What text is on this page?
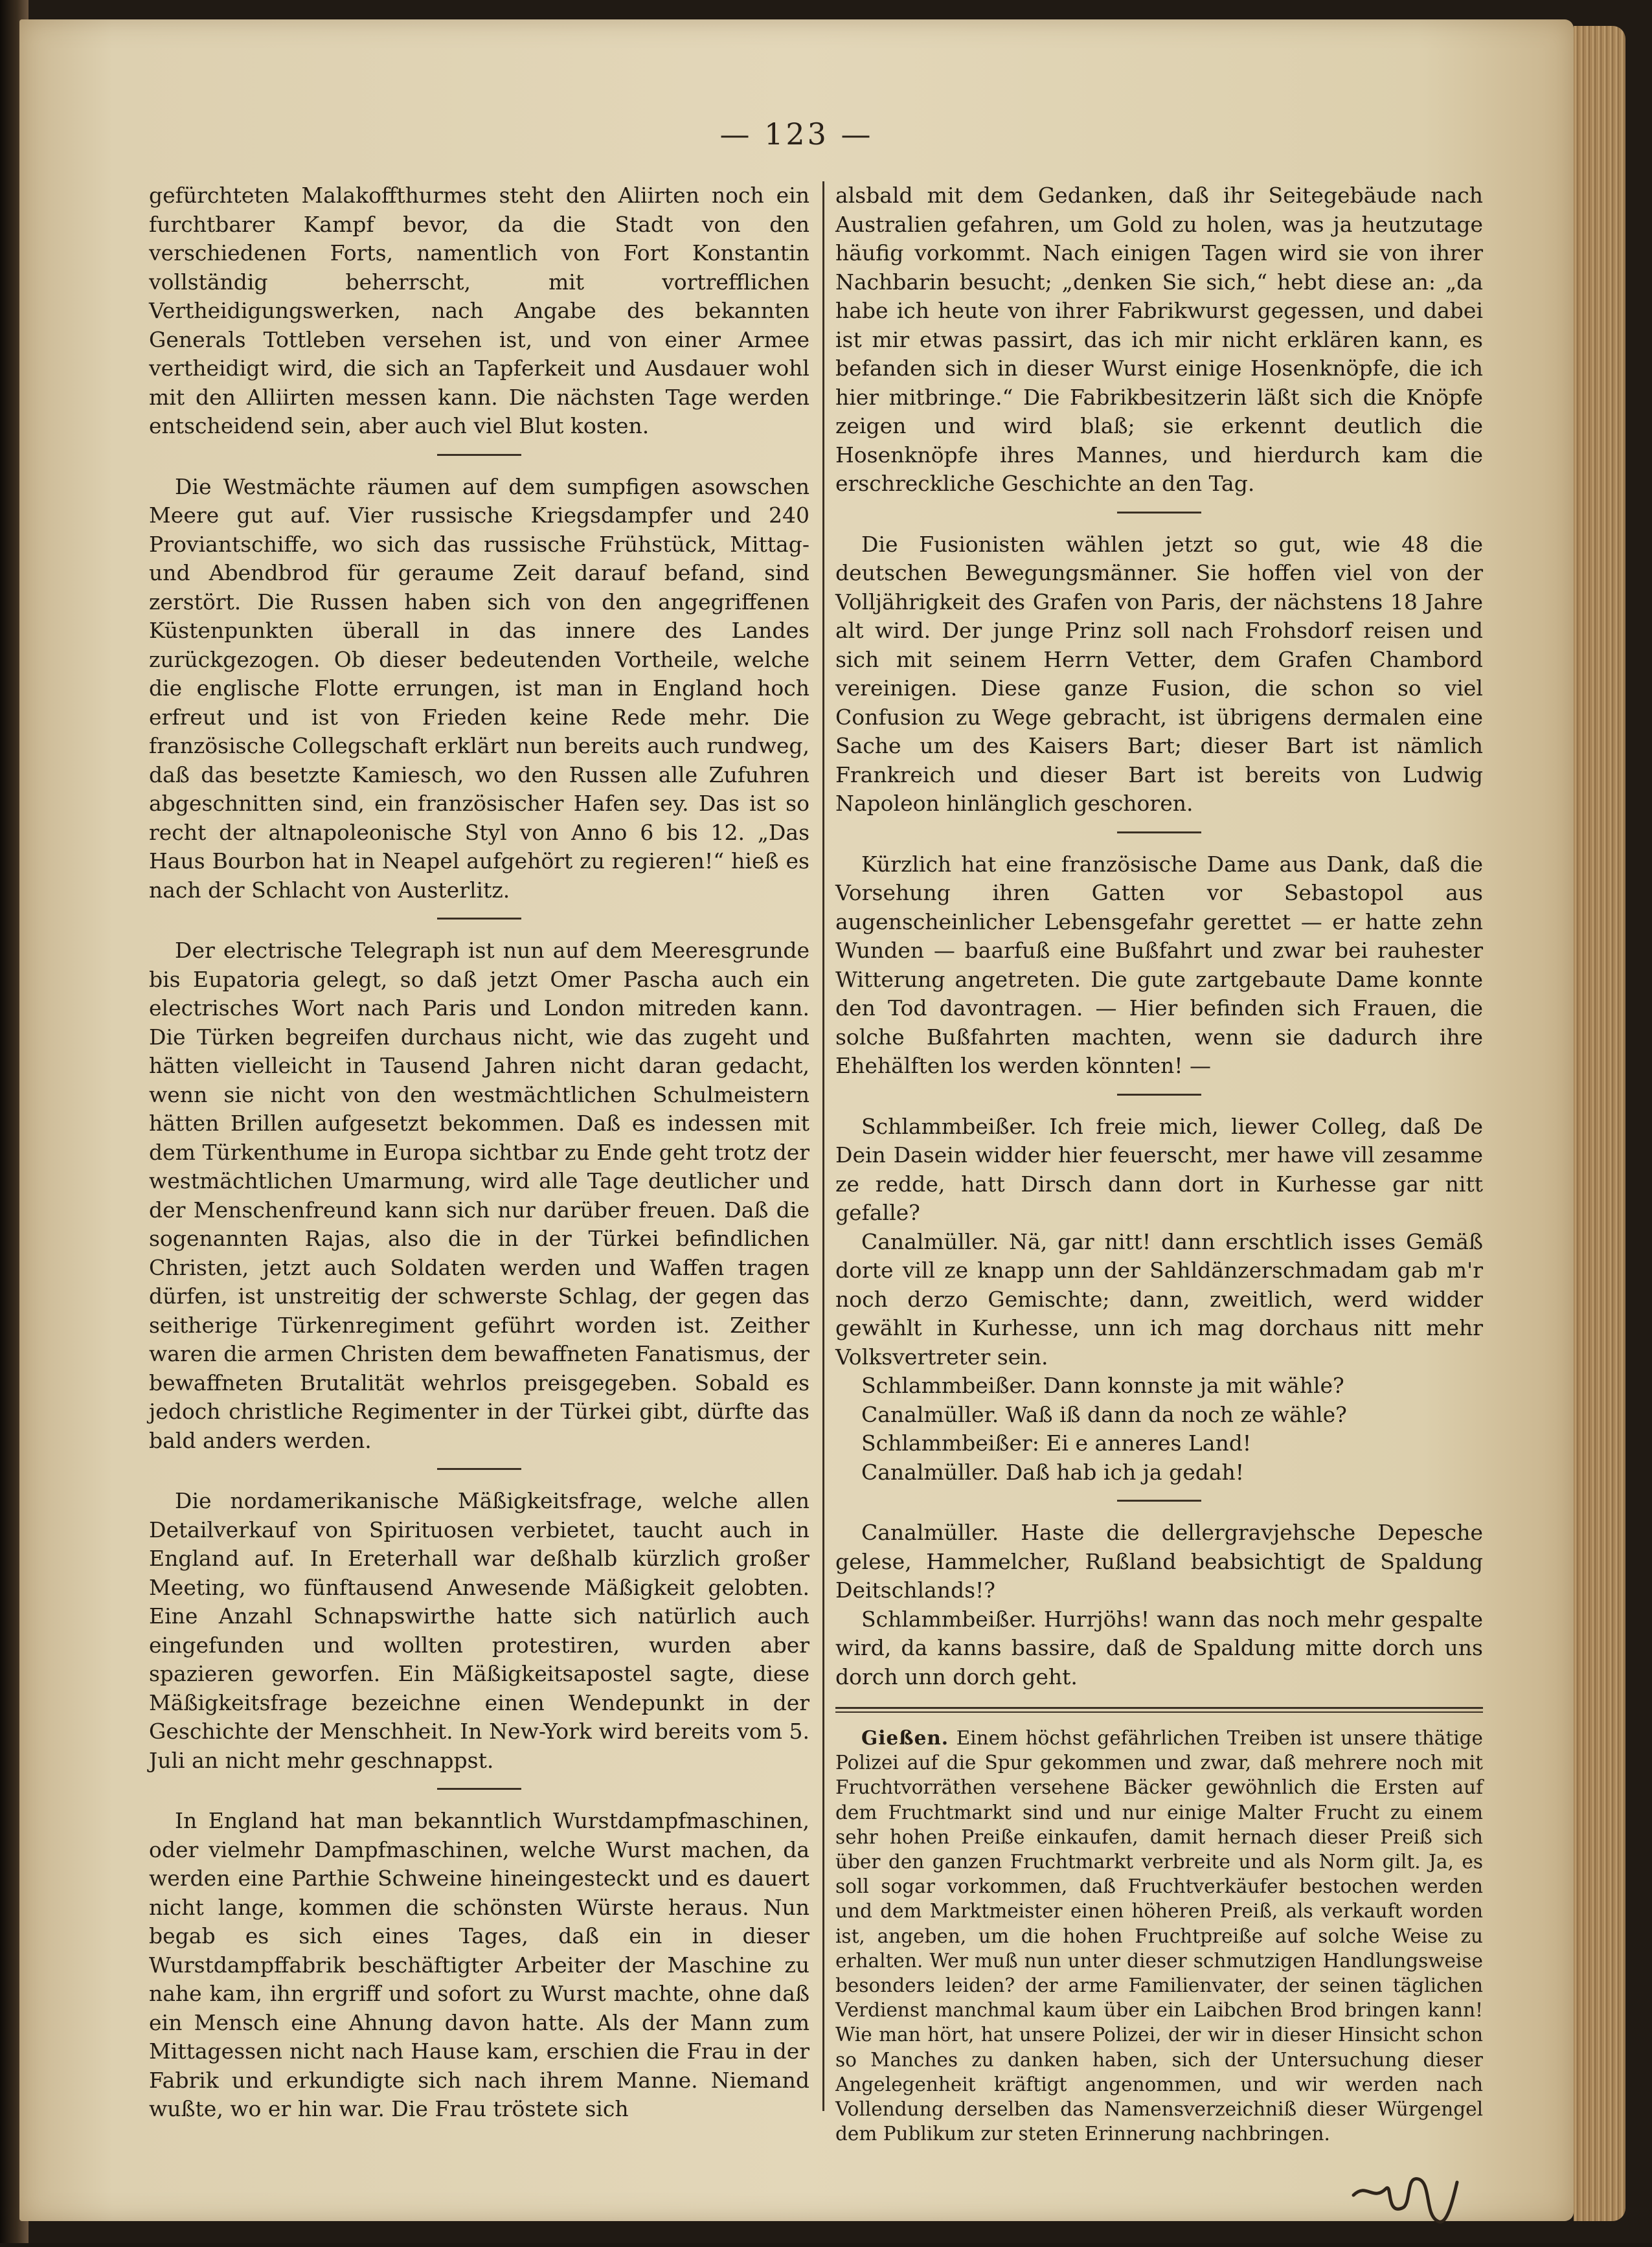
— 123 —

gefürchteten Malakoffthurmes steht den Aliirten noch ein furchtbarer Kampf bevor, da die Stadt von den verschiedenen Forts, namentlich von Fort Konstantin vollständig beherrscht, mit vortrefflichen Vertheidigungswerken, nach Angabe des bekannten Generals Tottleben versehen ist, und von einer Armee vertheidigt wird, die sich an Tapferkeit und Ausdauer wohl mit den Alliirten messen kann. Die nächsten Tage werden entscheidend sein, aber auch viel Blut kosten.

Die Westmächte räumen auf dem sumpfigen asowschen Meere gut auf. Vier russische Kriegsdampfer und 240 Proviantschiffe, wo sich das russische Frühstück, Mittag- und Abendbrod für geraume Zeit darauf befand, sind zerstört. Die Russen haben sich von den angegriffenen Küstenpunkten überall in das innere des Landes zurückgezogen. Ob dieser bedeutenden Vortheile, welche die englische Flotte errungen, ist man in England hoch erfreut und ist von Frieden keine Rede mehr. Die französische Collegschaft erklärt nun bereits auch rundweg, daß das besetzte Kamiesch, wo den Russen alle Zufuhren abgeschnitten sind, ein französischer Hafen sey. Das ist so recht der altnapoleonische Styl von Anno 6 bis 12. „Das Haus Bourbon hat in Neapel aufgehört zu regieren!“ hieß es nach der Schlacht von Austerlitz.

Der electrische Telegraph ist nun auf dem Meeresgrunde bis Eupatoria gelegt, so daß jetzt Omer Pascha auch ein electrisches Wort nach Paris und London mitreden kann. Die Türken begreifen durchaus nicht, wie das zugeht und hätten vielleicht in Tausend Jahren nicht daran gedacht, wenn sie nicht von den westmächtlichen Schulmeistern hätten Brillen aufgesetzt bekommen. Daß es indessen mit dem Türkenthume in Europa sichtbar zu Ende geht trotz der westmächtlichen Umarmung, wird alle Tage deutlicher und der Menschenfreund kann sich nur darüber freuen. Daß die sogenannten Rajas, also die in der Türkei befindlichen Christen, jetzt auch Soldaten werden und Waffen tragen dürfen, ist unstreitig der schwerste Schlag, der gegen das seitherige Türkenregiment geführt worden ist. Zeither waren die armen Christen dem bewaffneten Fanatismus, der bewaffneten Brutalität wehrlos preisgegeben. Sobald es jedoch christliche Regimenter in der Türkei gibt, dürfte das bald anders werden.

Die nordamerikanische Mäßigkeitsfrage, welche allen Detailverkauf von Spirituosen verbietet, taucht auch in England auf. In Ereterhall war deßhalb kürzlich großer Meeting, wo fünftausend Anwesende Mäßigkeit gelobten. Eine Anzahl Schnapswirthe hatte sich natürlich auch eingefunden und wollten protestiren, wurden aber spazieren geworfen. Ein Mäßigkeitsapostel sagte, diese Mäßigkeitsfrage bezeichne einen Wendepunkt in der Geschichte der Menschheit. In New-York wird bereits vom 5. Juli an nicht mehr geschnappst.

In England hat man bekanntlich Wurstdampfmaschinen, oder vielmehr Dampfmaschinen, welche Wurst machen, da werden eine Parthie Schweine hineingesteckt und es dauert nicht lange, kommen die schönsten Würste heraus. Nun begab es sich eines Tages, daß ein in dieser Wurstdampffabrik beschäftigter Arbeiter der Maschine zu nahe kam, ihn ergriff und sofort zu Wurst machte, ohne daß ein Mensch eine Ahnung davon hatte. Als der Mann zum Mittagessen nicht nach Hause kam, erschien die Frau in der Fabrik und erkundigte sich nach ihrem Manne. Niemand wußte, wo er hin war. Die Frau tröstete sich

alsbald mit dem Gedanken, daß ihr Seitegebäude nach Australien gefahren, um Gold zu holen, was ja heutzutage häufig vorkommt. Nach einigen Tagen wird sie von ihrer Nachbarin besucht; „denken Sie sich,“ hebt diese an: „da habe ich heute von ihrer Fabrikwurst gegessen, und dabei ist mir etwas passirt, das ich mir nicht erklären kann, es befanden sich in dieser Wurst einige Hosenknöpfe, die ich hier mitbringe.“ Die Fabrikbesitzerin läßt sich die Knöpfe zeigen und wird blaß; sie erkennt deutlich die Hosenknöpfe ihres Mannes, und hierdurch kam die erschreckliche Geschichte an den Tag.

Die Fusionisten wählen jetzt so gut, wie 48 die deutschen Bewegungsmänner. Sie hoffen viel von der Volljährigkeit des Grafen von Paris, der nächstens 18 Jahre alt wird. Der junge Prinz soll nach Frohsdorf reisen und sich mit seinem Herrn Vetter, dem Grafen Chambord vereinigen. Diese ganze Fusion, die schon so viel Confusion zu Wege gebracht, ist übrigens dermalen eine Sache um des Kaisers Bart; dieser Bart ist nämlich Frankreich und dieser Bart ist bereits von Ludwig Napoleon hinlänglich geschoren.

Kürzlich hat eine französische Dame aus Dank, daß die Vorsehung ihren Gatten vor Sebastopol aus augenscheinlicher Lebensgefahr gerettet — er hatte zehn Wunden — baarfuß eine Bußfahrt und zwar bei rauhester Witterung angetreten. Die gute zartgebaute Dame konnte den Tod davontragen. — Hier befinden sich Frauen, die solche Bußfahrten machten, wenn sie dadurch ihre Ehehälften los werden könnten! —

Schlammbeißer. Ich freie mich, liewer Colleg, daß De Dein Dasein widder hier feuerscht, mer hawe vill zesamme ze redde, hatt Dirsch dann dort in Kurhesse gar nitt gefalle?

Canalmüller. Nä, gar nitt! dann erschtlich isses Gemäß dorte vill ze knapp unn der Sahldänzerschmadam gab m'r noch derzo Gemischte; dann, zweitlich, werd widder gewählt in Kurhesse, unn ich mag dorchaus nitt mehr Volksvertreter sein.

Schlammbeißer. Dann konnste ja mit wähle?

Canalmüller. Waß iß dann da noch ze wähle?

Schlammbeißer: Ei e anneres Land!

Canalmüller. Daß hab ich ja gedah!

Canalmüller. Haste die dellergravjehsche Depesche gelese, Hammelcher, Rußland beabsichtigt de Spaldung Deitschlands!?

Schlammbeißer. Hurrjöhs! wann das noch mehr gespalte wird, da kanns bassire, daß de Spaldung mitte dorch uns dorch unn dorch geht.

Gießen. Einem höchst gefährlichen Treiben ist unsere thätige Polizei auf die Spur gekommen und zwar, daß mehrere noch mit Fruchtvorräthen versehene Bäcker gewöhnlich die Ersten auf dem Fruchtmarkt sind und nur einige Malter Frucht zu einem sehr hohen Preiße einkaufen, damit hernach dieser Preiß sich über den ganzen Fruchtmarkt verbreite und als Norm gilt. Ja, es soll sogar vorkommen, daß Fruchtverkäufer bestochen werden und dem Marktmeister einen höheren Preiß, als verkauft worden ist, angeben, um die hohen Fruchtpreiße auf solche Weise zu erhalten. Wer muß nun unter dieser schmutzigen Handlungsweise besonders leiden? der arme Familienvater, der seinen täglichen Verdienst manchmal kaum über ein Laibchen Brod bringen kann! Wie man hört, hat unsere Polizei, der wir in dieser Hinsicht schon so Manches zu danken haben, sich der Untersuchung dieser Angelegenheit kräftigt angenommen, und wir werden nach Vollendung derselben das Namensverzeichniß dieser Würgengel dem Publikum zur steten Erinnerung nachbringen.
